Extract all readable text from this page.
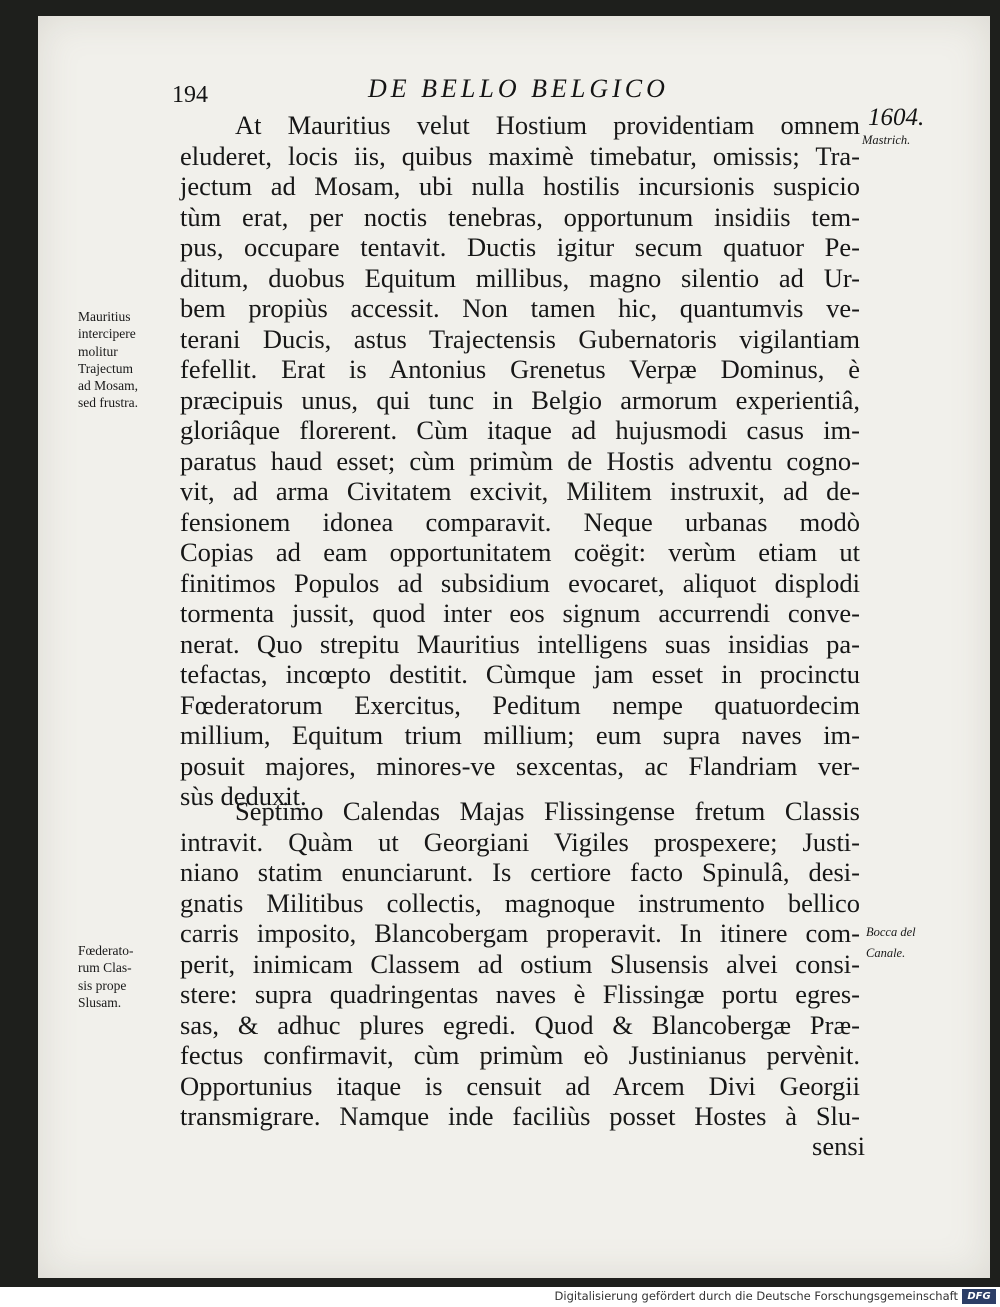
194	DE BELLO BELGICO
1604.
Mastrich.
Bocca del
Canale.
Mauritius
intercipere
molitur
Trajectum
ad Mosam,
sed frustra.
Fœderato-
rum Clas-
sis prope
Slusam.
At Mauritius velut Hostium providentiam omnem
eluderet, locis iis, quibus maximè timebatur, omissis; Tra-
jectum ad Mosam, ubi nulla hostilis incursionis suspicio
tùm erat, per noctis tenebras, opportunum insidiis tem-
pus, occupare tentavit. Ductis igitur secum quatuor Pe-
ditum, duobus Equitum millibus, magno silentio ad Ur-
bem propiùs accessit. Non tamen hic, quantumvis ve-
terani Ducis, astus Trajectensis Gubernatoris vigilantiam
fefellit. Erat is Antonius Grenetus Verpæ Dominus, è
præcipuis unus, qui tunc in Belgio armorum experientiâ,
gloriâque florerent. Cùm itaque ad hujusmodi casus im-
paratus haud esset; cùm primùm de Hostis adventu cogno-
vit, ad arma Civitatem excivit, Militem instruxit, ad de-
fensionem idonea comparavit. Neque urbanas modò
Copias ad eam opportunitatem coëgit: verùm etiam ut
finitimos Populos ad subsidium evocaret, aliquot displodi
tormenta jussit, quod inter eos signum accurrendi conve-
nerat. Quo strepitu Mauritius intelligens suas insidias pa-
tefactas, incœpto destitit. Cùmque jam esset in procinctu
Fœderatorum Exercitus, Peditum nempe quatuordecim
millium, Equitum trium millium; eum supra naves im-
posuit majores, minores-ve sexcentas, ac Flandriam ver-
sùs deduxit.
Septimo Calendas Majas Flissingense fretum Classis
intravit. Quàm ut Georgiani Vigiles prospexere; Justi-
niano statim enunciarunt. Is certiore facto Spinulâ, desi-
gnatis Militibus collectis, magnoque instrumento bellico
carris imposito, Blancobergam properavit. In itinere com-
perit, inimicam Classem ad ostium Slusensis alvei consi-
stere: supra quadringentas naves è Flissingæ portu egres-
sas, & adhuc plures egredi. Quod & Blancobergæ Præ-
fectus confirmavit, cùm primùm eò Justinianus pervènit.
Opportunius itaque is censuit ad Arcem Divi Georgii
transmigrare. Namque inde faciliùs posset Hostes à Slu-
sensi
Digitalisierung gefördert durch die Deutsche Forschungsgemeinschaft DFG
